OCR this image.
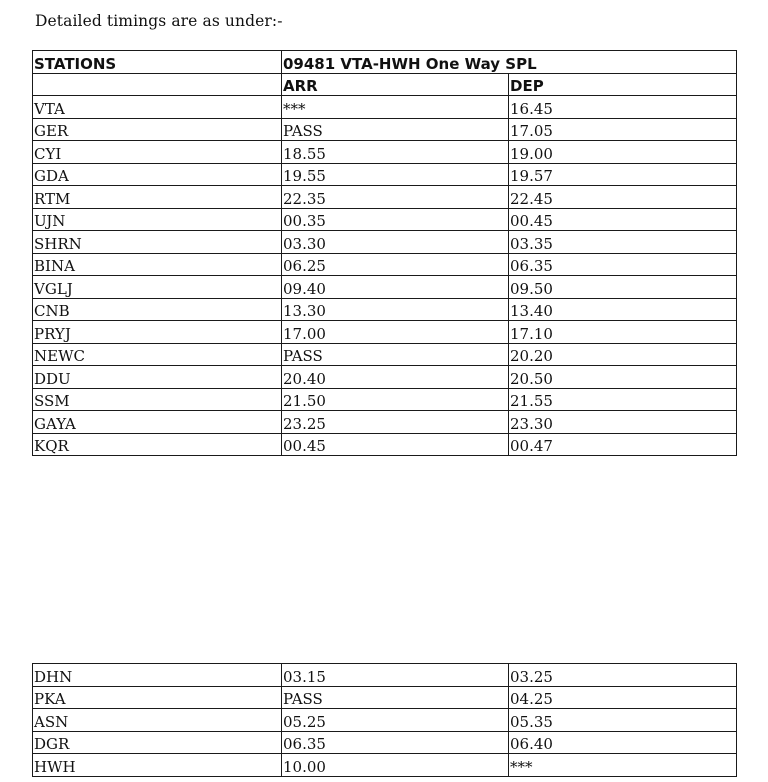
Detailed timings are as under:-
STATIONS	09481 VTA-HWH One Way SPL	
	ARR	DEP
VTA	***	16.45
GER	PASS	17.05
CYI	18.55	19.00
GDA	19.55	19.57
RTM	22.35	22.45
UJN	00.35	00.45
SHRN	03.30	03.35
BINA	06.25	06.35
VGLJ	09.40	09.50
CNB	13.30	13.40
PRYJ	17.00	17.10
NEWC	PASS	20.20
DDU	20.40	20.50
SSM	21.50	21.55
GAYA	23.25	23.30
KQR	00.45	00.47
DHN	03.15	03.25
PKA	PASS	04.25
ASN	05.25	05.35
DGR	06.35	06.40
HWH	10.00	***
